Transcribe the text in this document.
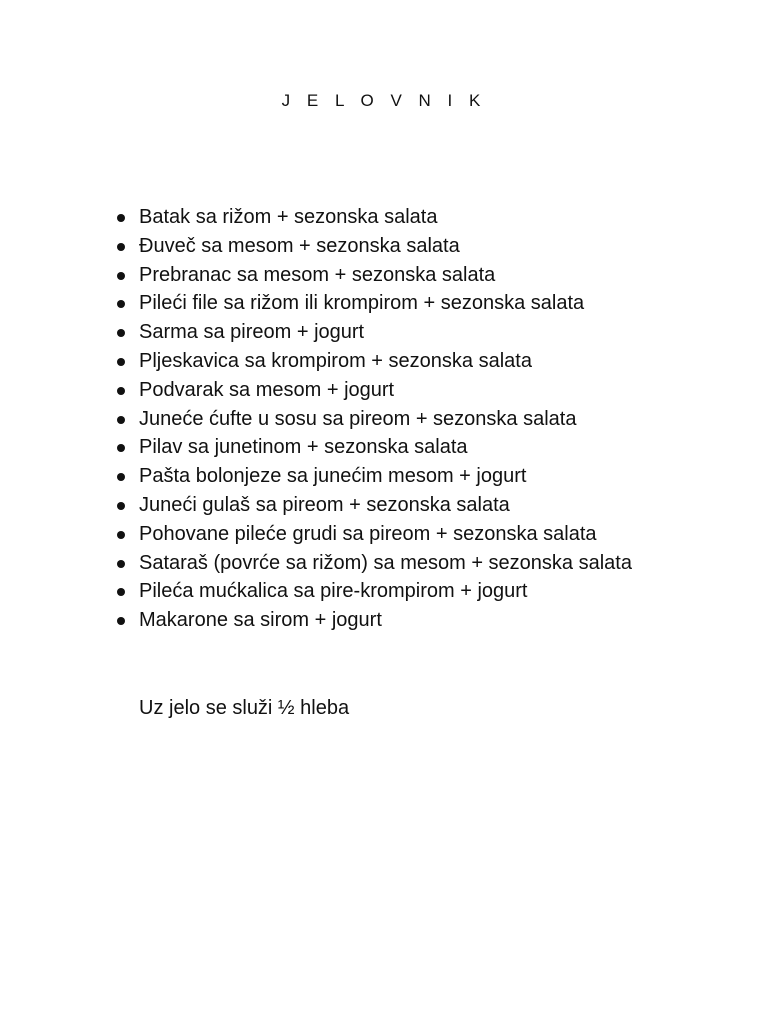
J E L O V N I K
Batak sa rižom + sezonska salata
Đuveč sa mesom + sezonska salata
Prebranac sa mesom + sezonska salata
Pileći file sa rižom ili krompirom + sezonska salata
Sarma sa pireom + jogurt
Pljeskavica sa krompirom + sezonska salata
Podvarak sa mesom + jogurt
Juneće ćufte u sosu sa pireom + sezonska salata
Pilav sa junetinom + sezonska salata
Pašta bolonjeze sa junećim mesom + jogurt
Juneći gulaš sa pireom + sezonska salata
Pohovane pileće grudi sa pireom + sezonska salata
Sataraš (povrće sa rižom) sa mesom + sezonska salata
Pileća mućkalica sa pire-krompirom + jogurt
Makarone sa sirom + jogurt
Uz jelo se služi ½ hleba
